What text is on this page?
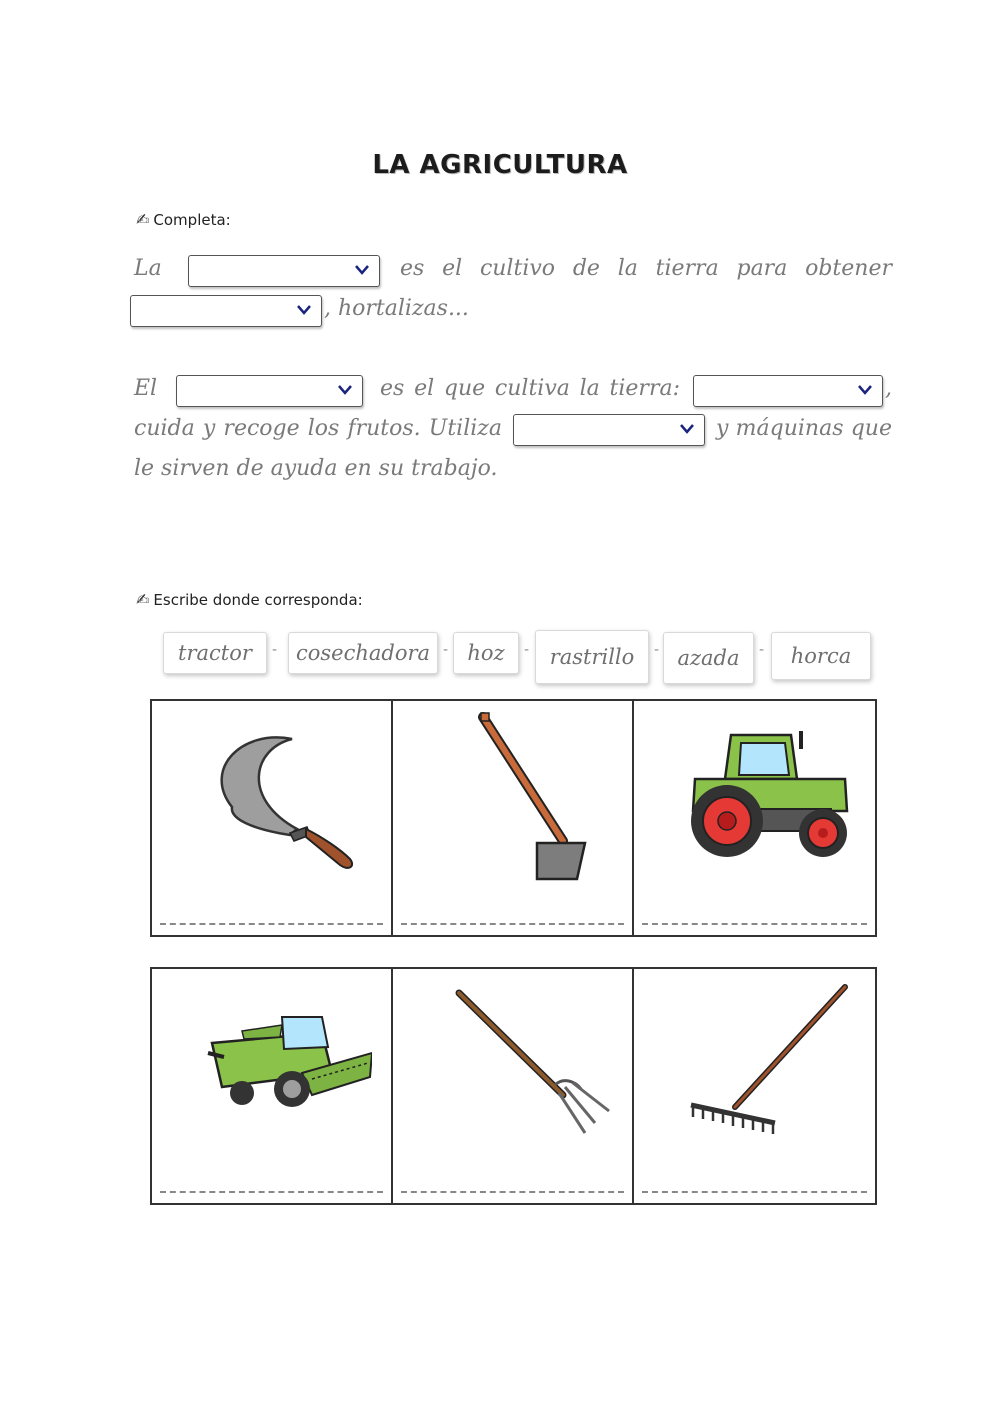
LA AGRICULTURA
✍ Completa:
La	es el cultivo de la tierra para obtener
, hortalizas...
El	es el que cultiva la tierra:	,
cuida y recoge los frutos. Utiliza	y máquinas que
le sirven de ayuda en su trabajo.
✍ Escribe donde corresponda:
tractor	- cosechadora - hoz	- rastrillo	- azada	-	horca
